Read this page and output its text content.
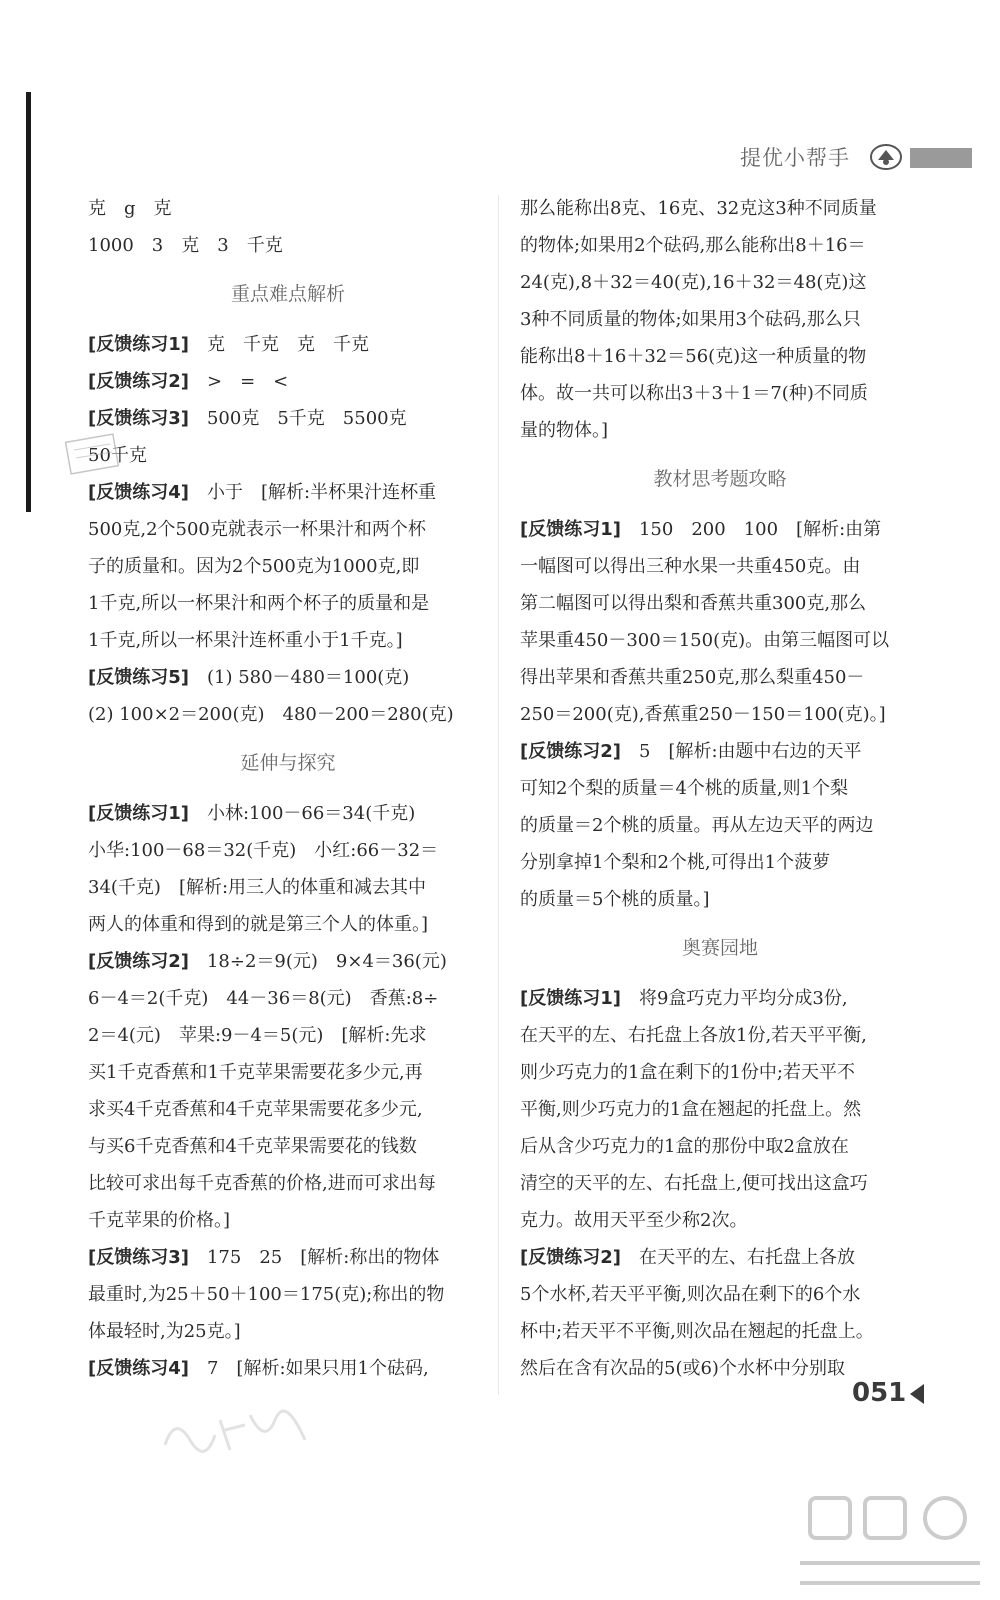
提优小帮手
克　g　克
1000　3　克　3　千克
重点难点解析
[反馈练习1]　克　千克　克　千克
[反馈练习2]　>　=　<
[反馈练习3]　500克　5千克　5500克
50千克
[反馈练习4]　小于　[解析:半杯果汁连杯重
500克,2个500克就表示一杯果汁和两个杯
子的质量和。因为2个500克为1000克,即
1千克,所以一杯果汁和两个杯子的质量和是
1千克,所以一杯果汁连杯重小于1千克。]
[反馈练习5]　(1) 580－480＝100(克)
(2) 100×2＝200(克)　480－200＝280(克)
延伸与探究
[反馈练习1]　小林:100－66＝34(千克)
小华:100－68＝32(千克)　小红:66－32＝
34(千克)　[解析:用三人的体重和减去其中
两人的体重和得到的就是第三个人的体重。]
[反馈练习2]　18÷2＝9(元)　9×4＝36(元)
6－4＝2(千克)　44－36＝8(元)　香蕉:8÷
2＝4(元)　苹果:9－4＝5(元)　[解析:先求
买1千克香蕉和1千克苹果需要花多少元,再
求买4千克香蕉和4千克苹果需要花多少元,
与买6千克香蕉和4千克苹果需要花的钱数
比较可求出每千克香蕉的价格,进而可求出每
千克苹果的价格。]
[反馈练习3]　175　25　[解析:称出的物体
最重时,为25＋50＋100＝175(克);称出的物
体最轻时,为25克。]
[反馈练习4]　7　[解析:如果只用1个砝码,
那么能称出8克、16克、32克这3种不同质量
的物体;如果用2个砝码,那么能称出8＋16＝
24(克),8＋32＝40(克),16＋32＝48(克)这
3种不同质量的物体;如果用3个砝码,那么只
能称出8＋16＋32＝56(克)这一种质量的物
体。故一共可以称出3＋3＋1＝7(种)不同质
量的物体。]
教材思考题攻略
[反馈练习1]　150　200　100　[解析:由第
一幅图可以得出三种水果一共重450克。由
第二幅图可以得出梨和香蕉共重300克,那么
苹果重450－300＝150(克)。由第三幅图可以
得出苹果和香蕉共重250克,那么梨重450－
250＝200(克),香蕉重250－150＝100(克)。]
[反馈练习2]　5　[解析:由题中右边的天平
可知2个梨的质量＝4个桃的质量,则1个梨
的质量＝2个桃的质量。再从左边天平的两边
分别拿掉1个梨和2个桃,可得出1个菠萝
的质量＝5个桃的质量。]
奥赛园地
[反馈练习1]　将9盒巧克力平均分成3份,
在天平的左、右托盘上各放1份,若天平平衡,
则少巧克力的1盒在剩下的1份中;若天平不
平衡,则少巧克力的1盒在翘起的托盘上。然
后从含少巧克力的1盒的那份中取2盒放在
清空的天平的左、右托盘上,便可找出这盒巧
克力。故用天平至少称2次。
[反馈练习2]　在天平的左、右托盘上各放
5个水杯,若天平平衡,则次品在剩下的6个水
杯中;若天平不平衡,则次品在翘起的托盘上。
然后在含有次品的5(或6)个水杯中分别取
051
